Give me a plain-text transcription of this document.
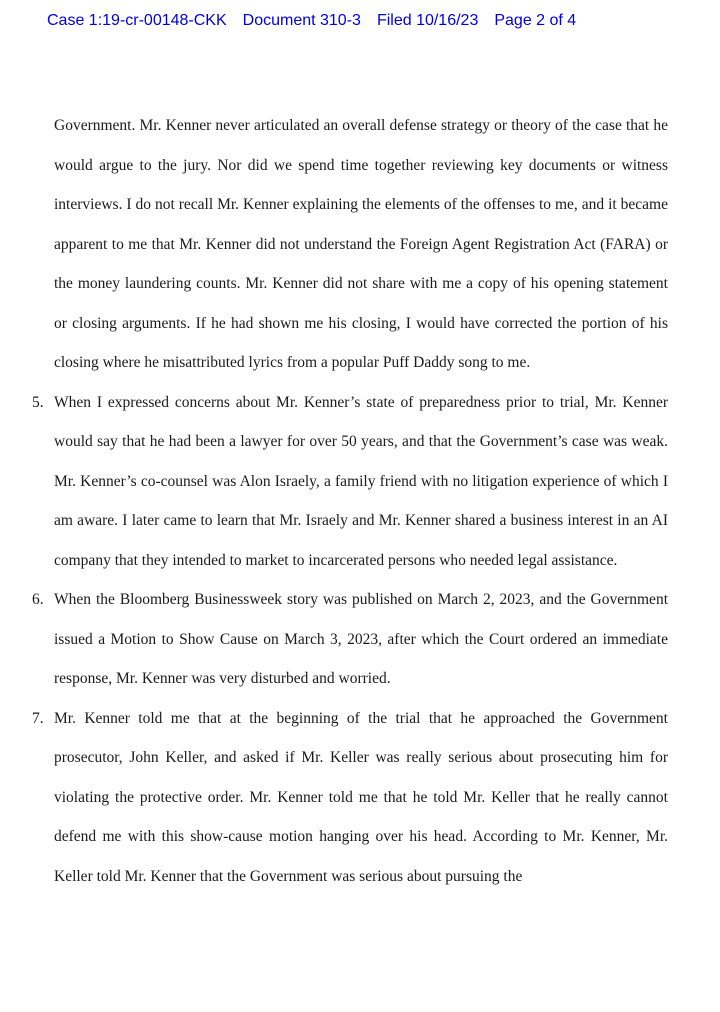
Case 1:19-cr-00148-CKK Document 310-3 Filed 10/16/23 Page 2 of 4

Government. Mr. Kenner never articulated an overall defense strategy or theory of the case that he would argue to the jury. Nor did we spend time together reviewing key documents or witness interviews. I do not recall Mr. Kenner explaining the elements of the offenses to me, and it became apparent to me that Mr. Kenner did not understand the Foreign Agent Registration Act (FARA) or the money laundering counts. Mr. Kenner did not share with me a copy of his opening statement or closing arguments. If he had shown me his closing, I would have corrected the portion of his closing where he misattributed lyrics from a popular Puff Daddy song to me.

5. When I expressed concerns about Mr. Kenner’s state of preparedness prior to trial, Mr. Kenner would say that he had been a lawyer for over 50 years, and that the Government’s case was weak. Mr. Kenner’s co-counsel was Alon Israely, a family friend with no litigation experience of which I am aware. I later came to learn that Mr. Israely and Mr. Kenner shared a business interest in an AI company that they intended to market to incarcerated persons who needed legal assistance.

6. When the Bloomberg Businessweek story was published on March 2, 2023, and the Government issued a Motion to Show Cause on March 3, 2023, after which the Court ordered an immediate response, Mr. Kenner was very disturbed and worried.

7. Mr. Kenner told me that at the beginning of the trial that he approached the Government prosecutor, John Keller, and asked if Mr. Keller was really serious about prosecuting him for violating the protective order. Mr. Kenner told me that he told Mr. Keller that he really cannot defend me with this show-cause motion hanging over his head. According to Mr. Kenner, Mr. Keller told Mr. Kenner that the Government was serious about pursuing the
